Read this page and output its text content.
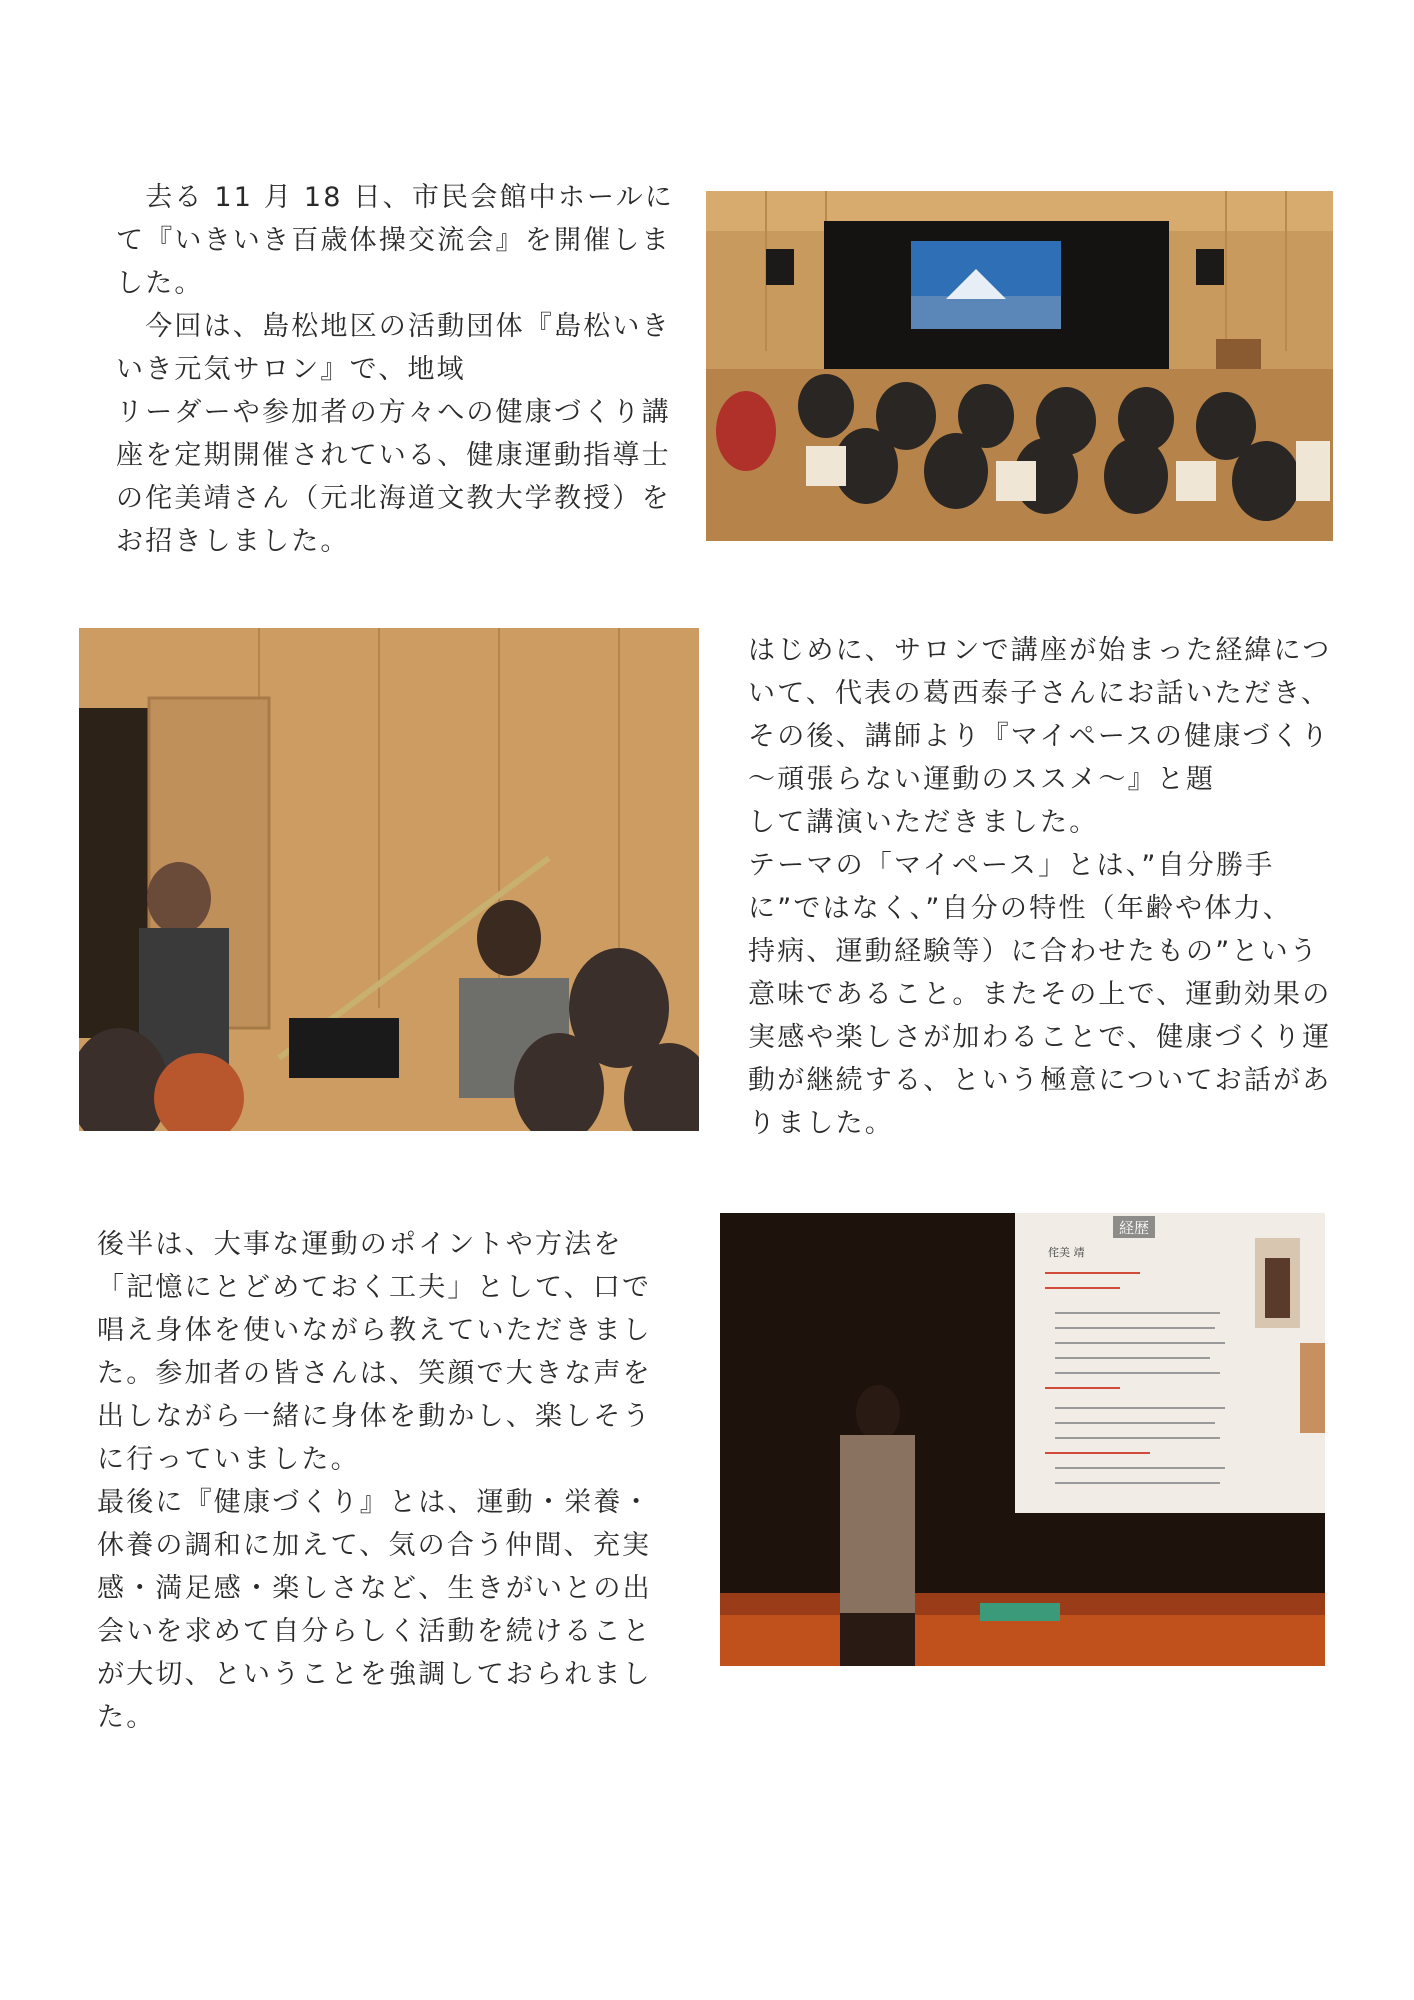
　去る 11 月 18 日、市民会館中ホールに
て『いきいき百歳体操交流会』を開催しま
した。
　今回は、島松地区の活動団体『島松いき
いき元気サロン』で、地域
リーダーや参加者の方々への健康づくり講
座を定期開催されている、健康運動指導士
の侘美靖さん（元北海道文教大学教授）を
お招きしました。
はじめに、サロンで講座が始まった経緯につ
いて、代表の葛西泰子さんにお話いただき、
その後、講師より『マイペースの健康づくり
～頑張らない運動のススメ～』と題
して講演いただきました。
テーマの「マイペース」とは、”自分勝手
に”ではなく、”自分の特性（年齢や体力、
持病、運動経験等）に合わせたもの”という
意味であること。またその上で、運動効果の
実感や楽しさが加わることで、健康づくり運
動が継続する、という極意についてお話があ
りました。
後半は、大事な運動のポイントや方法を
「記憶にとどめておく工夫」として、口で
唱え身体を使いながら教えていただきまし
た。参加者の皆さんは、笑顔で大きな声を
出しながら一緒に身体を動かし、楽しそう
に行っていました。
最後に『健康づくり』とは、運動・栄養・
休養の調和に加えて、気の合う仲間、充実
感・満足感・楽しさなど、生きがいとの出
会いを求めて自分らしく活動を続けること
が大切、ということを強調しておられまし
た。
経歴
侘美 靖
